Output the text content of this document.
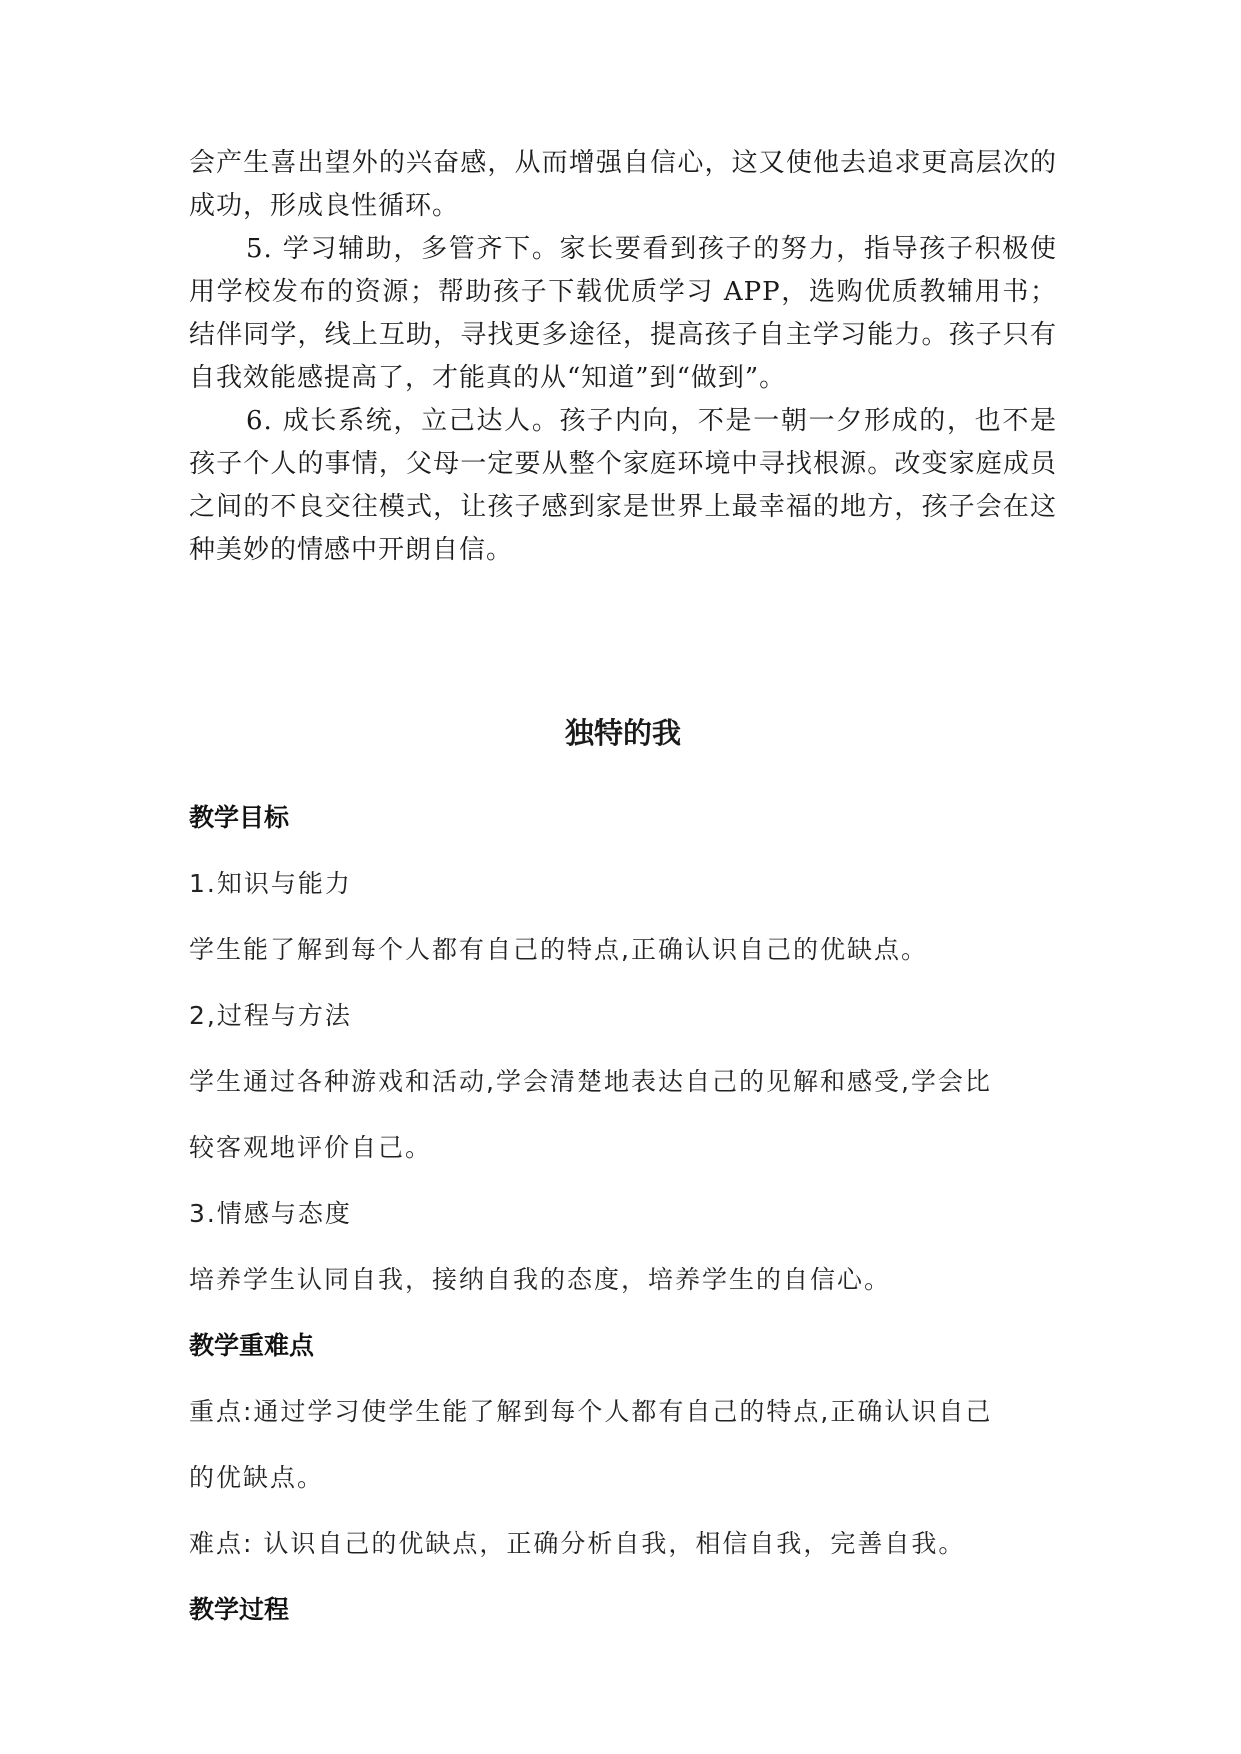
会产生喜出望外的兴奋感，从而增强自信心，这又使他去追求更高层次的成功，形成良性循环。

5. 学习辅助，多管齐下。家长要看到孩子的努力，指导孩子积极使用学校发布的资源；帮助孩子下载优质学习 APP，选购优质教辅用书；结伴同学，线上互助，寻找更多途径，提高孩子自主学习能力。孩子只有自我效能感提高了，才能真的从“知道”到“做到”。

6. 成长系统，立己达人。孩子内向，不是一朝一夕形成的，也不是孩子个人的事情，父母一定要从整个家庭环境中寻找根源。改变家庭成员之间的不良交往模式，让孩子感到家是世界上最幸福的地方，孩子会在这种美妙的情感中开朗自信。

独特的我

教学目标

1.知识与能力

学生能了解到每个人都有自己的特点,正确认识自己的优缺点。

2,过程与方法

学生通过各种游戏和活动,学会清楚地表达自己的见解和感受,学会比

较客观地评价自己。

3.情感与态度

培养学生认同自我，接纳自我的态度，培养学生的自信心。

教学重难点

重点:通过学习使学生能了解到每个人都有自己的特点,正确认识自己

的优缺点。

难点: 认识自己的优缺点，正确分析自我，相信自我，完善自我。

教学过程
